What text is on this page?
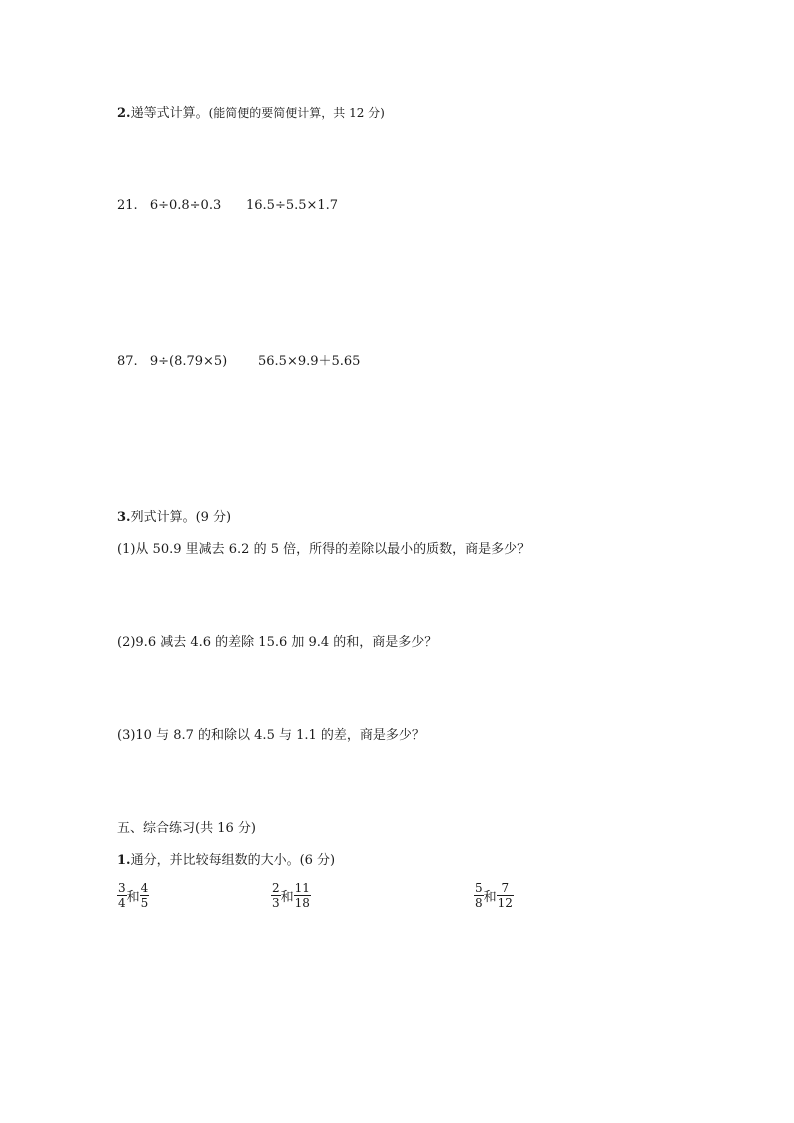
2.递等式计算。(能简便的要简便计算，共 12 分)
21. 6÷0.8÷0.3 16.5÷5.5×1.7
87. 9÷(8.79×5) 56.5×9.9＋5.65
3.列式计算。(9 分)
(1)从 50.9 里减去 6.2 的 5 倍，所得的差除以最小的质数，商是多少？
(2)9.6 减去 4.6 的差除 15.6 加 9.4 的和，商是多少？
(3)10 与 8.7 的和除以 4.5 与 1.1 的差，商是多少？
五、综合练习(共 16 分)
1.通分，并比较每组数的大小。(6 分)
$\frac{3}{4}$ 和 $\frac{4}{5}$	$\frac{2}{3}$ 和 $\frac{11}{18}$	$\frac{5}{8}$ 和 $\frac{7}{12}$
